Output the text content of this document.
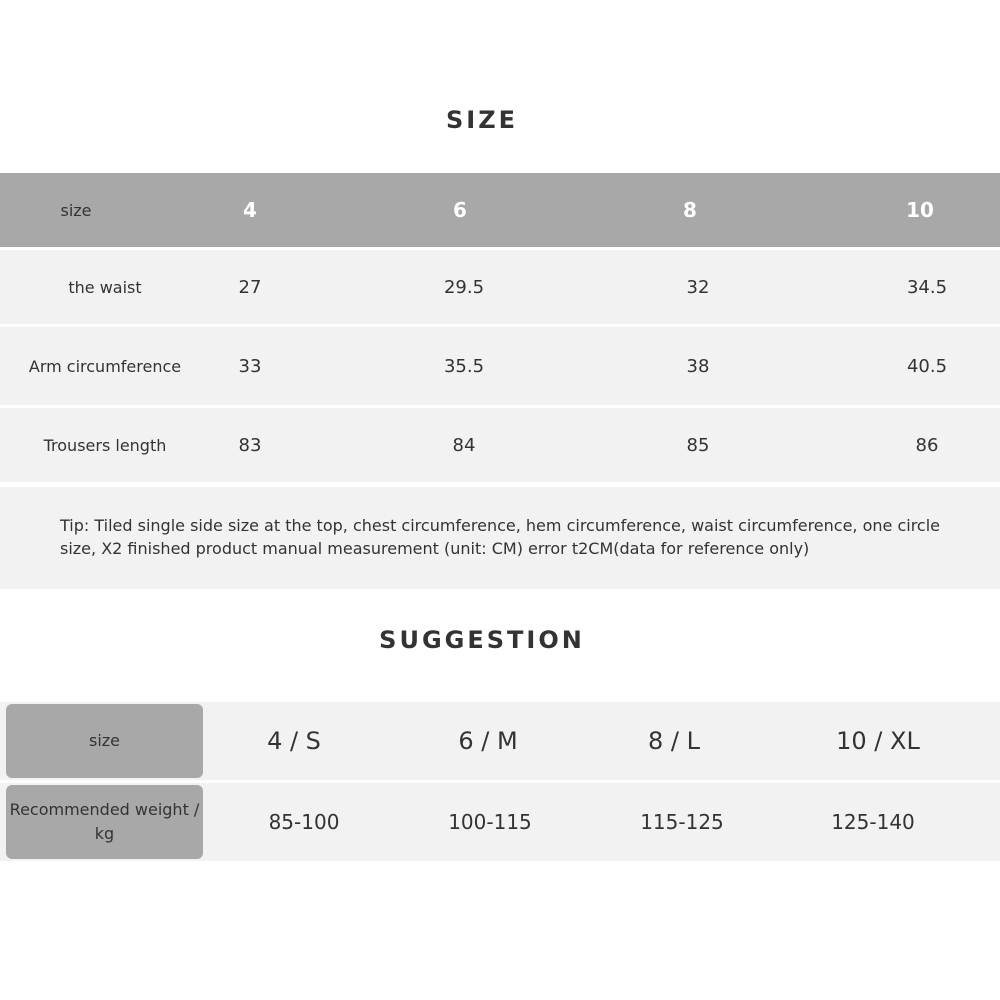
SIZE
size	4	6	8	10
the waist	27	29.5	32	34.5
Arm circumference	33	35.5	38	40.5
Trousers length	83	84	85	86
Tip: Tiled single side size at the top, chest circumference, hem circumference, waist circumference, one circle size, X2 finished product manual measurement (unit: CM) error t2CM(data for reference only)
SUGGESTION
size	4 / S	6 / M	8 / L	10 / XL
Recommended weight / kg	85-100	100-115	115-125	125-140
